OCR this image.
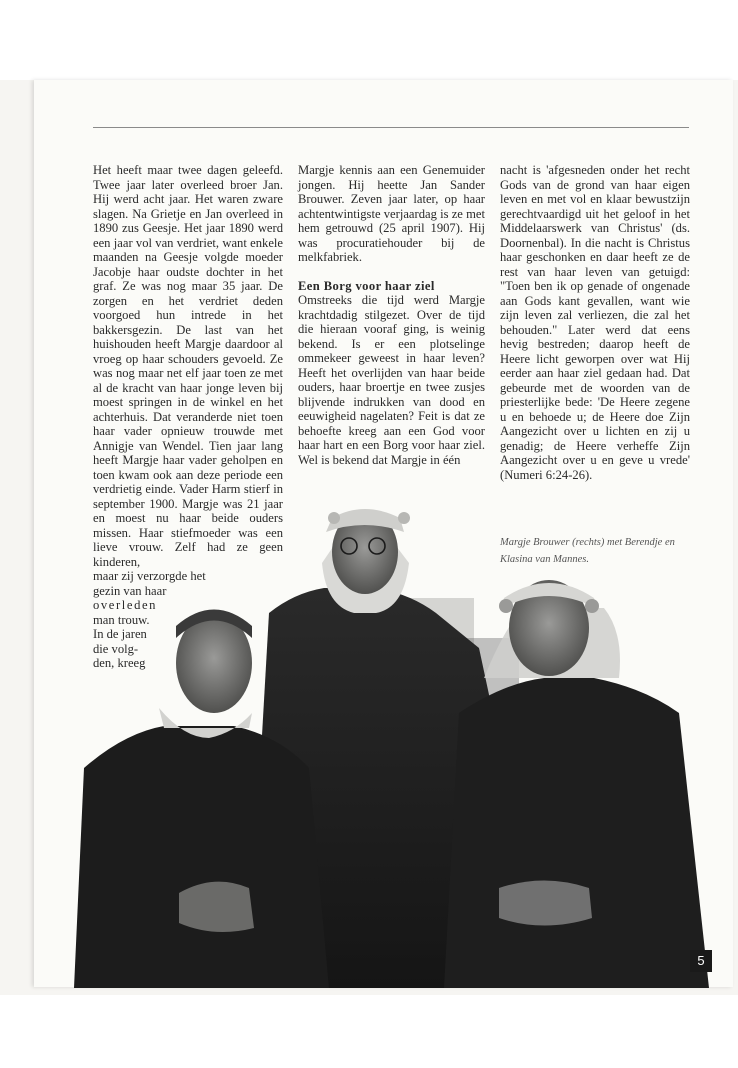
Het heeft maar twee dagen geleefd. Twee jaar later overleed broer Jan. Hij werd acht jaar. Het waren zware slagen. Na Grietje en Jan overleed in 1890 zus Geesje. Het jaar 1890 werd een jaar vol van verdriet, want enkele maanden na Geesje volgde moeder Jacobje haar oudste dochter in het graf. Ze was nog maar 35 jaar. De zorgen en het verdriet deden voorgoed hun intrede in het bakkersgezin. De last van het huishouden heeft Margje daardoor al vroeg op haar schouders gevoeld. Ze was nog maar net elf jaar toen ze met al de kracht van haar jonge leven bij moest springen in de winkel en het achterhuis. Dat veranderde niet toen haar vader opnieuw trouwde met Annigje van Wendel. Tien jaar lang heeft Margje haar vader geholpen en toen kwam ook aan deze periode een verdrietig einde. Vader Harm stierf in september 1900. Margje was 21 jaar en moest nu haar beide ouders missen. Haar stiefmoeder was een lieve vrouw. Zelf had ze geen kinderen,

maar zij verzorgde het
gezin van haar
overleden
man trouw.
In de jaren
die volg-
den, kreeg

Margje kennis aan een Genemuider jongen. Hij heette Jan Sander Brouwer. Zeven jaar later, op haar achtentwintigste verjaardag is ze met hem getrouwd (25 april 1907). Hij was procuratiehouder bij de melkfabriek.

Een Borg voor haar ziel

Omstreeks die tijd werd Margje krachtdadig stilgezet. Over de tijd die hieraan vooraf ging, is weinig bekend. Is er een plotselinge ommekeer geweest in haar leven? Heeft het overlijden van haar beide ouders, haar broertje en twee zusjes blijvende indrukken van dood en eeuwigheid nagelaten? Feit is dat ze behoefte kreeg aan een God voor haar hart en een Borg voor haar ziel. Wel is bekend dat Margje in één

nacht is 'afgesneden onder het recht Gods van de grond van haar eigen leven en met vol en klaar bewustzijn gerechtvaardigd uit het geloof in het Middelaarswerk van Christus' (ds. Doornenbal). In die nacht is Christus haar geschonken en daar heeft ze de rest van haar leven van getuigd: "Toen ben ik op genade of ongenade aan Gods kant gevallen, want wie zijn leven zal verliezen, die zal het behouden." Later werd dat eens hevig bestreden; daarop heeft de Heere licht geworpen over wat Hij eerder aan haar ziel gedaan had. Dat gebeurde met de woorden van de priesterlijke bede: 'De Heere zegene u en behoede u; de Heere doe Zijn Aangezicht over u lichten en zij u genadig; de Heere verheffe Zijn Aangezicht over u en geve u vrede' (Numeri 6:24-26).

Margje Brouwer (rechts) met Berendje en
Klasina van Mannes.
5
